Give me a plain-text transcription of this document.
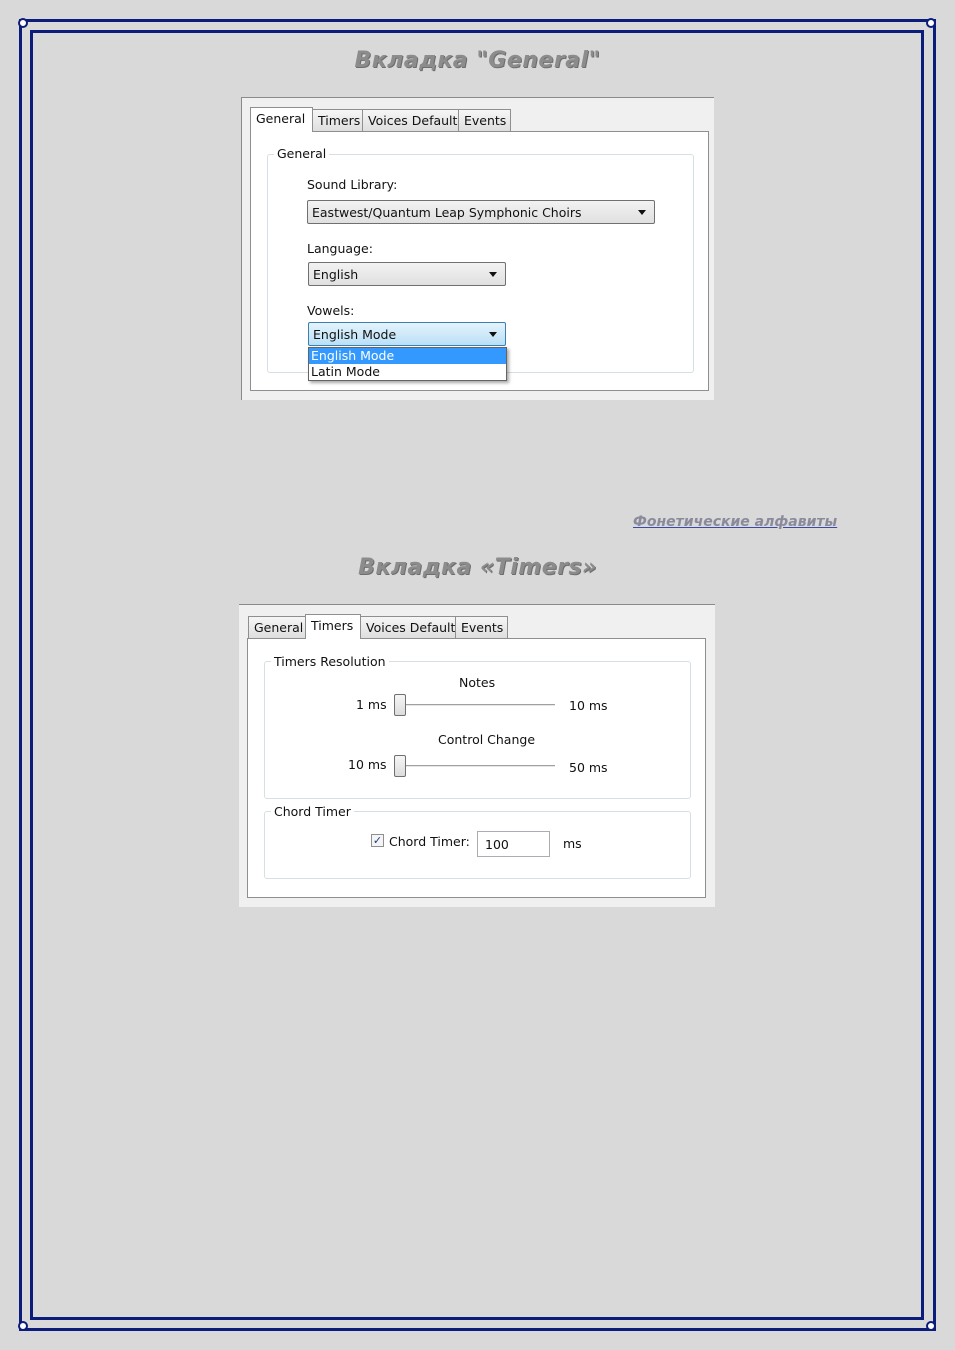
Вкладка "General"
General	Timers Voices Default Events
General
Sound Library:
Eastwest/Quantum Leap Symphonic Choirs
Language:
English
Vowels:
English Mode
English Mode
Latin Mode
Фонетические алфавиты
Вкладка «Timers»
General Timers	Voices Default Events
Timers Resolution
Notes
1 ms	10 ms
Control Change
10 ms	50 ms
Chord Timer
✓ Chord Timer:	100	ms
